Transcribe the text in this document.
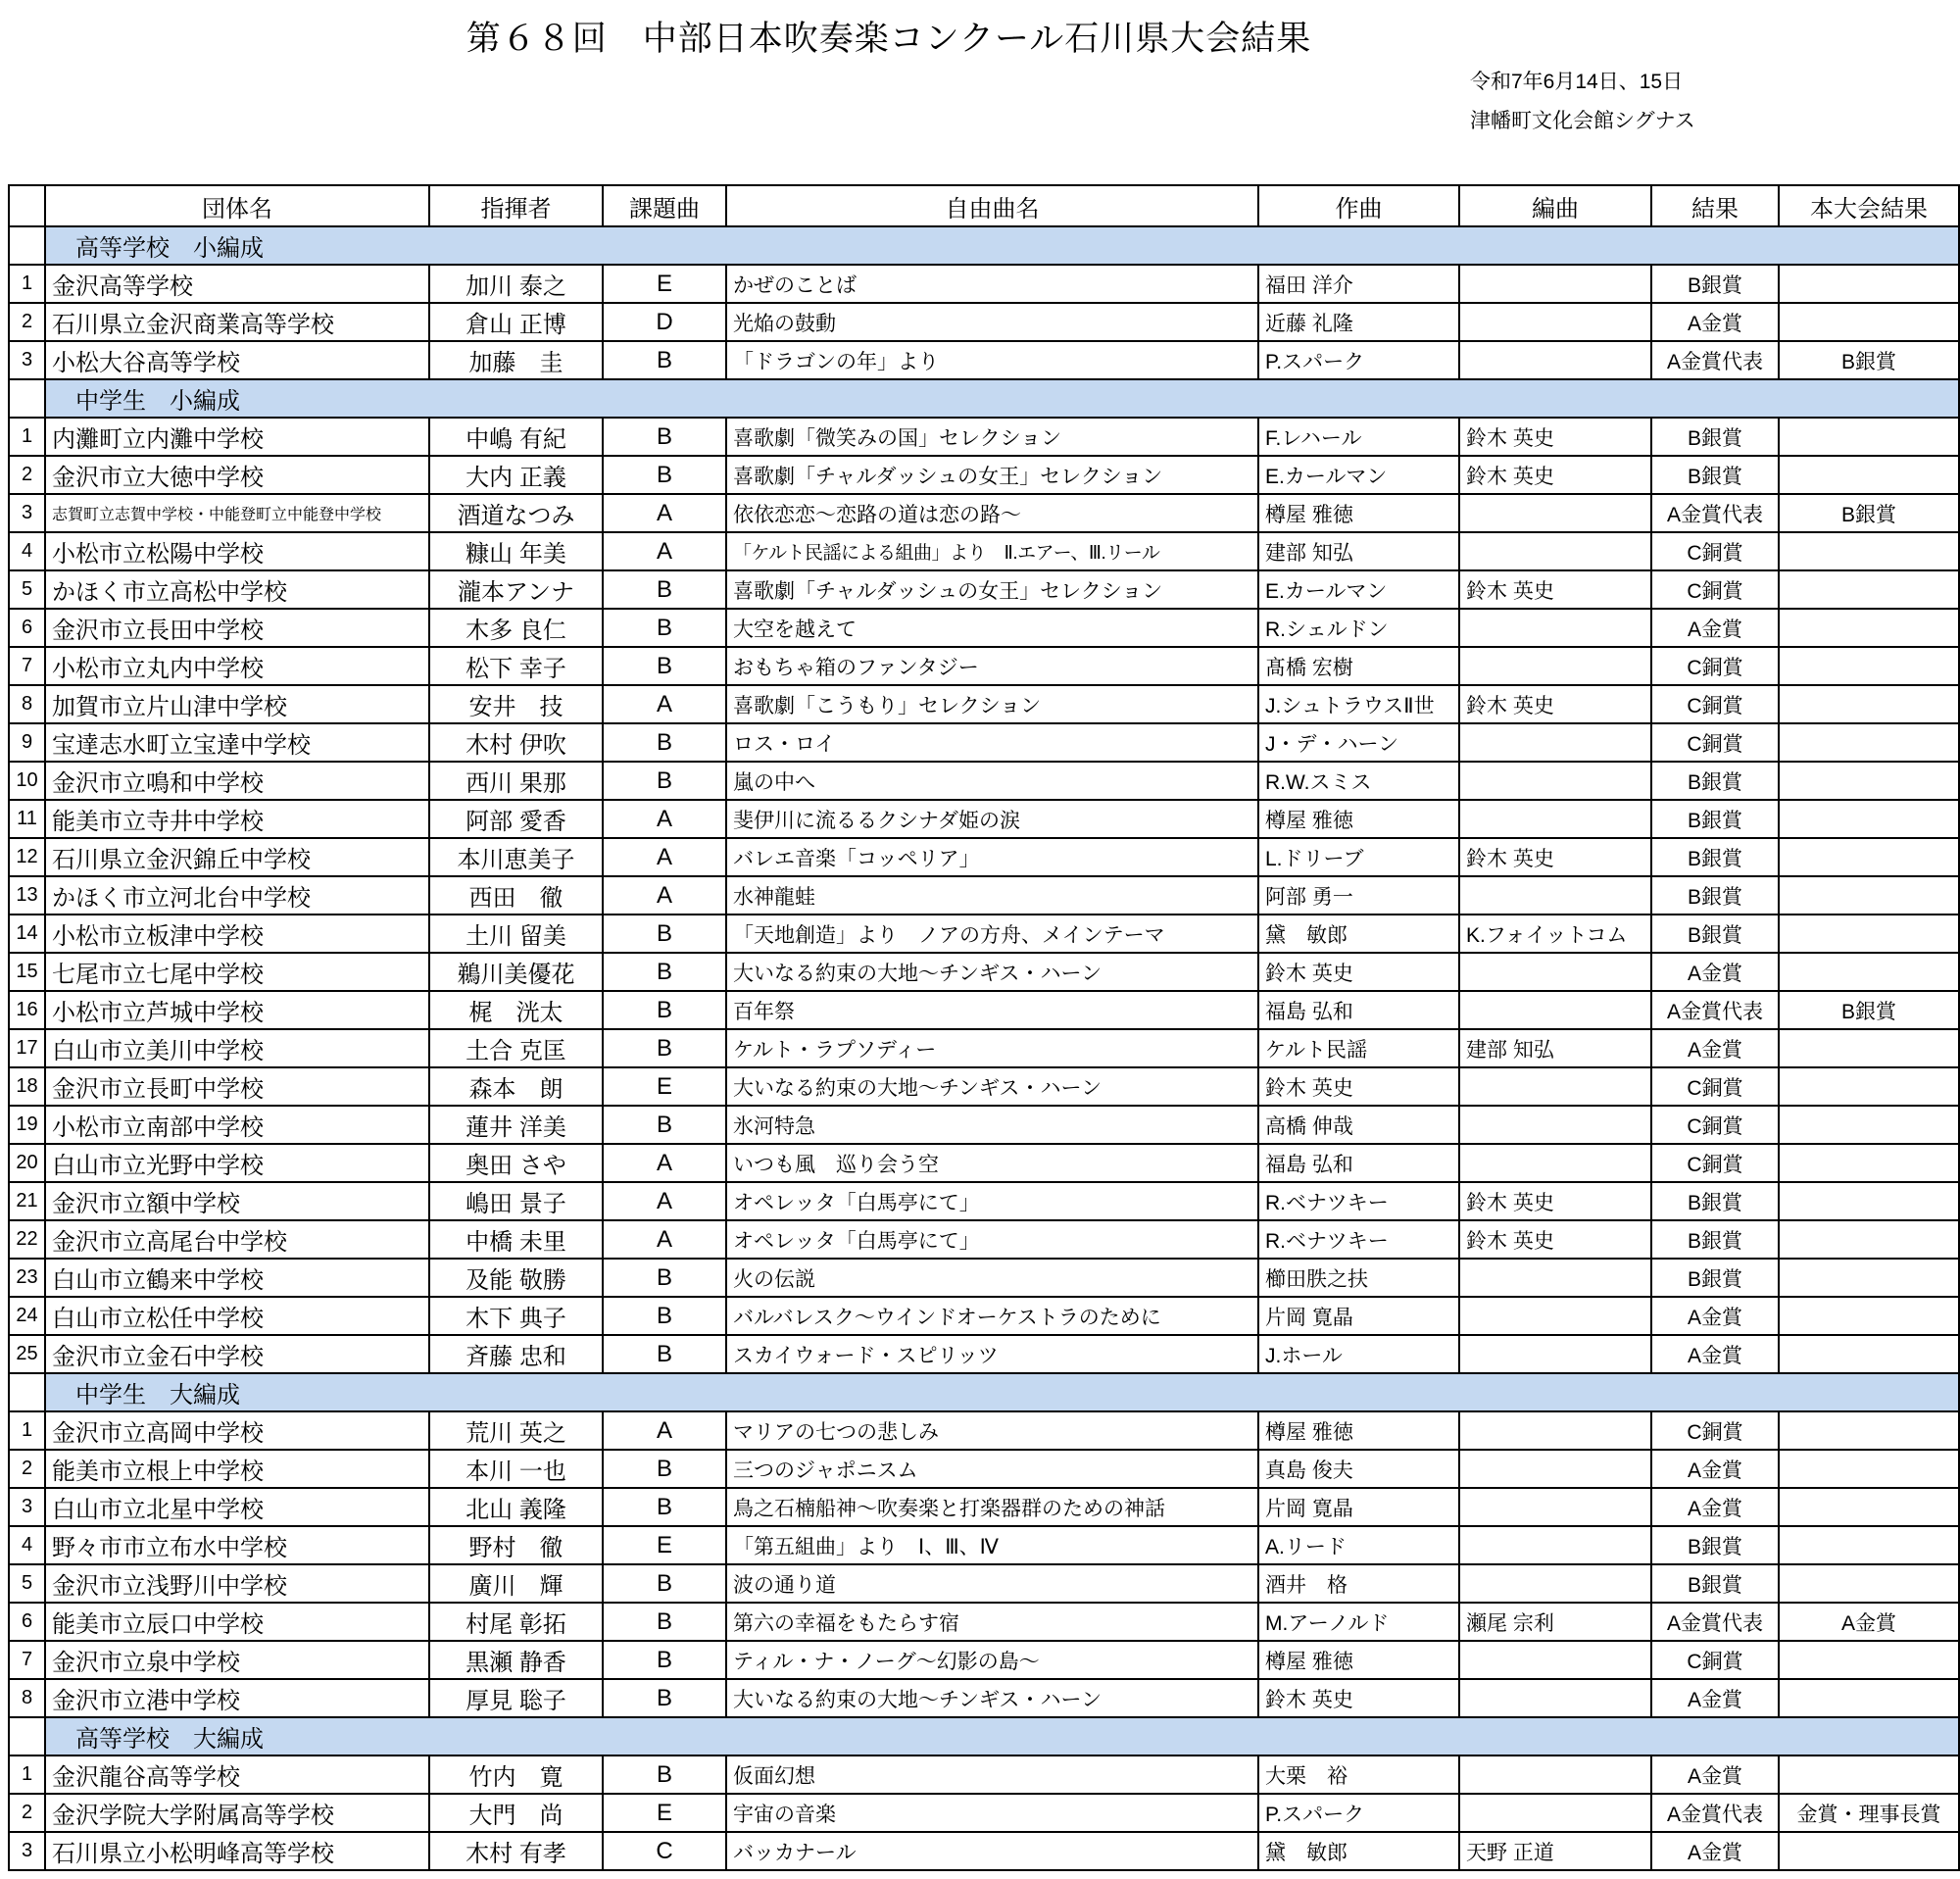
第６８回　中部日本吹奏楽コンクール石川県大会結果
令和7年6月14日、15日
津幡町文化会館シグナス
	団体名	指揮者	課題曲	自由曲名	作曲	編曲	結果	本大会結果
	高等学校　小編成							
1	金沢高等学校	加川 泰之	E	かぜのことば	福田 洋介		B銀賞	
2	石川県立金沢商業高等学校	倉山 正博	D	光焔の鼓動	近藤 礼隆		A金賞	
3	小松大谷高等学校	加藤　圭	B	「ドラゴンの年」より	P.スパーク		A金賞代表	B銀賞
	中学生　小編成							
1	内灘町立内灘中学校	中嶋 有紀	B	喜歌劇「微笑みの国」セレクション	F.レハール	鈴木 英史	B銀賞	
2	金沢市立大徳中学校	大内 正義	B	喜歌劇「チャルダッシュの女王」セレクション	E.カールマン	鈴木 英史	B銀賞	
3	志賀町立志賀中学校・中能登町立中能登中学校	酒道なつみ	A	依依恋恋～恋路の道は恋の路～	樽屋 雅徳		A金賞代表	B銀賞
4	小松市立松陽中学校	糠山 年美	A	「ケルト民謡による組曲」より　Ⅱ.エアー、Ⅲ.リール	建部 知弘		C銅賞	
5	かほく市立高松中学校	瀧本アンナ	B	喜歌劇「チャルダッシュの女王」セレクション	E.カールマン	鈴木 英史	C銅賞	
6	金沢市立長田中学校	木多 良仁	B	大空を越えて	R.シェルドン		A金賞	
7	小松市立丸内中学校	松下 幸子	B	おもちゃ箱のファンタジー	髙橋 宏樹		C銅賞	
8	加賀市立片山津中学校	安井　技	A	喜歌劇「こうもり」セレクション	J.シュトラウスⅡ世	鈴木 英史	C銅賞	
9	宝達志水町立宝達中学校	木村 伊吹	B	ロス・ロイ	J・デ・ハーン		C銅賞	
10	金沢市立鳴和中学校	西川 果那	B	嵐の中へ	R.W.スミス		B銀賞	
11	能美市立寺井中学校	阿部 愛香	A	斐伊川に流るるクシナダ姫の涙	樽屋 雅徳		B銀賞	
12	石川県立金沢錦丘中学校	本川恵美子	A	バレエ音楽「コッペリア」	L.ドリーブ	鈴木 英史	B銀賞	
13	かほく市立河北台中学校	西田　徹	A	水神龍蛙	阿部 勇一		B銀賞	
14	小松市立板津中学校	土川 留美	B	「天地創造」より　ノアの方舟、メインテーマ	黛　敏郎	K.フォイットコム	B銀賞	
15	七尾市立七尾中学校	鵜川美優花	B	大いなる約束の大地～チンギス・ハーン	鈴木 英史		A金賞	
16	小松市立芦城中学校	梶　洸太	B	百年祭	福島 弘和		A金賞代表	B銀賞
17	白山市立美川中学校	土合 克匡	B	ケルト・ラプソディー	ケルト民謡	建部 知弘	A金賞	
18	金沢市立長町中学校	森本　朗	E	大いなる約束の大地～チンギス・ハーン	鈴木 英史		C銅賞	
19	小松市立南部中学校	蓮井 洋美	B	氷河特急	高橋 伸哉		C銅賞	
20	白山市立光野中学校	奥田 さや	A	いつも風　巡り会う空	福島 弘和		C銅賞	
21	金沢市立額中学校	嶋田 景子	A	オペレッタ「白馬亭にて」	R.ベナツキー	鈴木 英史	B銀賞	
22	金沢市立高尾台中学校	中橋 未里	A	オペレッタ「白馬亭にて」	R.ベナツキー	鈴木 英史	B銀賞	
23	白山市立鶴来中学校	及能 敬勝	B	火の伝説	櫛田胅之扶		B銀賞	
24	白山市立松任中学校	木下 典子	B	バルバレスク～ウインドオーケストラのために	片岡 寛晶		A金賞	
25	金沢市立金石中学校	斉藤 忠和	B	スカイウォード・スピリッツ	J.ホール		A金賞	
	中学生　大編成							
1	金沢市立高岡中学校	荒川 英之	A	マリアの七つの悲しみ	樽屋 雅徳		C銅賞	
2	能美市立根上中学校	本川 一也	B	三つのジャポニスム	真島 俊夫		A金賞	
3	白山市立北星中学校	北山 義隆	B	鳥之石楠船神～吹奏楽と打楽器群のための神話	片岡 寛晶		A金賞	
4	野々市市立布水中学校	野村　徹	E	「第五組曲」より　Ⅰ、Ⅲ、Ⅳ	A.リード		B銀賞	
5	金沢市立浅野川中学校	廣川　輝	B	波の通り道	酒井　格		B銀賞	
6	能美市立辰口中学校	村尾 彰拓	B	第六の幸福をもたらす宿	M.アーノルド	瀬尾 宗利	A金賞代表	A金賞
7	金沢市立泉中学校	黒瀬 静香	B	ティル・ナ・ノーグ～幻影の島～	樽屋 雅徳		C銅賞	
8	金沢市立港中学校	厚見 聡子	B	大いなる約束の大地～チンギス・ハーン	鈴木 英史		A金賞	
	高等学校　大編成							
1	金沢龍谷高等学校	竹内　寛	B	仮面幻想	大栗　裕		A金賞	
2	金沢学院大学附属高等学校	大門　尚	E	宇宙の音楽	P.スパーク		A金賞代表	金賞・理事長賞
3	石川県立小松明峰高等学校	木村 有孝	C	バッカナール	黛　敏郎	天野 正道	A金賞	
